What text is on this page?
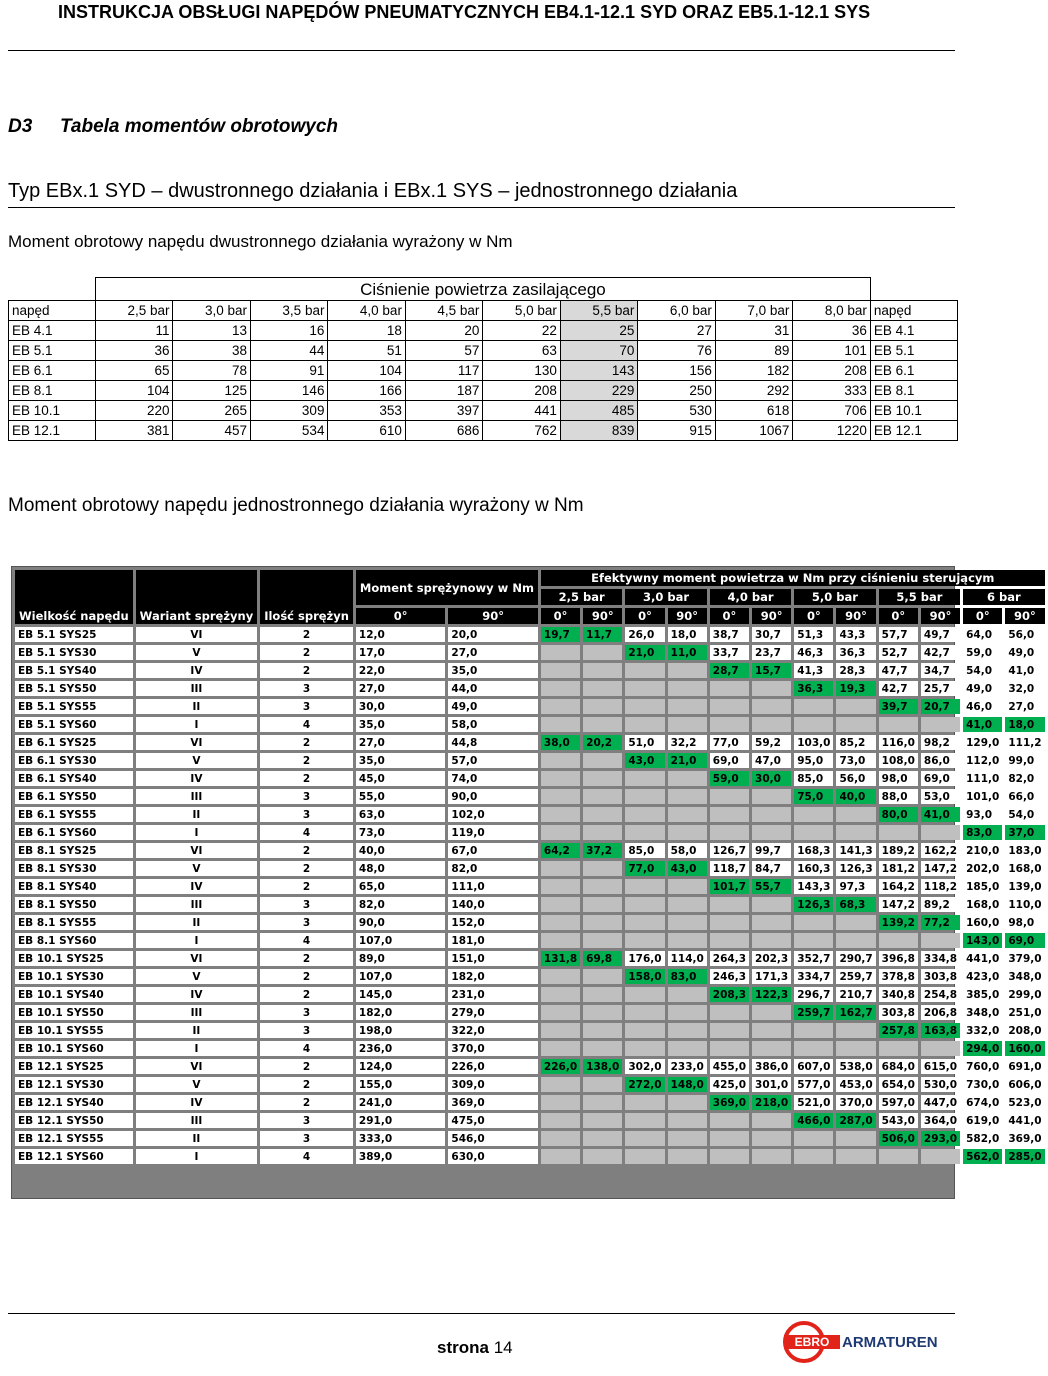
INSTRUKCJA OBSŁUGI NAPĘDÓW PNEUMATYCZNYCH EB4.1-12.1 SYD ORAZ EB5.1-12.1 SYS
D3 Tabela momentów obrotowych
Typ EBx.1 SYD – dwustronnego działania i EBx.1 SYS – jednostronnego działania
Moment obrotowy napędu dwustronnego działania wyrażony w Nm
	Ciśnienie powietrza zasilającego										
napęd	2,5 bar	3,0 bar	3,5 bar	4,0 bar	4,5 bar	5,0 bar	5,5 bar	6,0 bar	7,0 bar	8,0 bar	napęd
EB 4.1	11	13	16	18	20	22	25	27	31	36	EB 4.1
EB 5.1	36	38	44	51	57	63	70	76	89	101	EB 5.1
EB 6.1	65	78	91	104	117	130	143	156	182	208	EB 6.1
EB 8.1	104	125	146	166	187	208	229	250	292	333	EB 8.1
EB 10.1	220	265	309	353	397	441	485	530	618	706	EB 10.1
EB 12.1	381	457	534	610	686	762	839	915	1067	1220	EB 12.1
Moment obrotowy napędu jednostronnego działania wyrażony w Nm
Wielkość napędu	Wariant sprężyny	Ilość sprężyn	Moment sprężynowy w Nm		Efektywny moment powietrza w Nm przy ciśnieniu sterującym											
					2,5 bar		3,0 bar		4,0 bar		5,0 bar		5,5 bar		6 bar	
			0°	90°	0°	90°	0°	90°	0°	90°	0°	90°	0°	90°	0°	90°
EB 5.1 SYS25	VI	2	12,0	20,0	19,7	11,7	26,0	18,0	38,7	30,7	51,3	43,3	57,7	49,7	64,0	56,0
EB 5.1 SYS30	V	2	17,0	27,0			21,0	11,0	33,7	23,7	46,3	36,3	52,7	42,7	59,0	49,0
EB 5.1 SYS40	IV	2	22,0	35,0					28,7	15,7	41,3	28,3	47,7	34,7	54,0	41,0
EB 5.1 SYS50	III	3	27,0	44,0							36,3	19,3	42,7	25,7	49,0	32,0
EB 5.1 SYS55	II	3	30,0	49,0									39,7	20,7	46,0	27,0
EB 5.1 SYS60	I	4	35,0	58,0											41,0	18,0
EB 6.1 SYS25	VI	2	27,0	44,8	38,0	20,2	51,0	32,2	77,0	59,2	103,0	85,2	116,0	98,2	129,0	111,2
EB 6.1 SYS30	V	2	35,0	57,0			43,0	21,0	69,0	47,0	95,0	73,0	108,0	86,0	112,0	99,0
EB 6.1 SYS40	IV	2	45,0	74,0					59,0	30,0	85,0	56,0	98,0	69,0	111,0	82,0
EB 6.1 SYS50	III	3	55,0	90,0							75,0	40,0	88,0	53,0	101,0	66,0
EB 6.1 SYS55	II	3	63,0	102,0									80,0	41,0	93,0	54,0
EB 6.1 SYS60	I	4	73,0	119,0											83,0	37,0
EB 8.1 SYS25	VI	2	40,0	67,0	64,2	37,2	85,0	58,0	126,7	99,7	168,3	141,3	189,2	162,2	210,0	183,0
EB 8.1 SYS30	V	2	48,0	82,0			77,0	43,0	118,7	84,7	160,3	126,3	181,2	147,2	202,0	168,0
EB 8.1 SYS40	IV	2	65,0	111,0					101,7	55,7	143,3	97,3	164,2	118,2	185,0	139,0
EB 8.1 SYS50	III	3	82,0	140,0							126,3	68,3	147,2	89,2	168,0	110,0
EB 8.1 SYS55	II	3	90,0	152,0									139,2	77,2	160,0	98,0
EB 8.1 SYS60	I	4	107,0	181,0											143,0	69,0
EB 10.1 SYS25	VI	2	89,0	151,0	131,8	69,8	176,0	114,0	264,3	202,3	352,7	290,7	396,8	334,8	441,0	379,0
EB 10.1 SYS30	V	2	107,0	182,0			158,0	83,0	246,3	171,3	334,7	259,7	378,8	303,8	423,0	348,0
EB 10.1 SYS40	IV	2	145,0	231,0					208,3	122,3	296,7	210,7	340,8	254,8	385,0	299,0
EB 10.1 SYS50	III	3	182,0	279,0							259,7	162,7	303,8	206,8	348,0	251,0
EB 10.1 SYS55	II	3	198,0	322,0									257,8	163,8	332,0	208,0
EB 10.1 SYS60	I	4	236,0	370,0											294,0	160,0
EB 12.1 SYS25	VI	2	124,0	226,0	226,0	138,0	302,0	233,0	455,0	386,0	607,0	538,0	684,0	615,0	760,0	691,0
EB 12.1 SYS30	V	2	155,0	309,0			272,0	148,0	425,0	301,0	577,0	453,0	654,0	530,0	730,0	606,0
EB 12.1 SYS40	IV	2	241,0	369,0					369,0	218,0	521,0	370,0	597,0	447,0	674,0	523,0
EB 12.1 SYS50	III	3	291,0	475,0							466,0	287,0	543,0	364,0	619,0	441,0
EB 12.1 SYS55	II	3	333,0	546,0									506,0	293,0	582,0	369,0
EB 12.1 SYS60	I	4	389,0	630,0											562,0	285,0
strona 14	EBRO ARMATUREN
